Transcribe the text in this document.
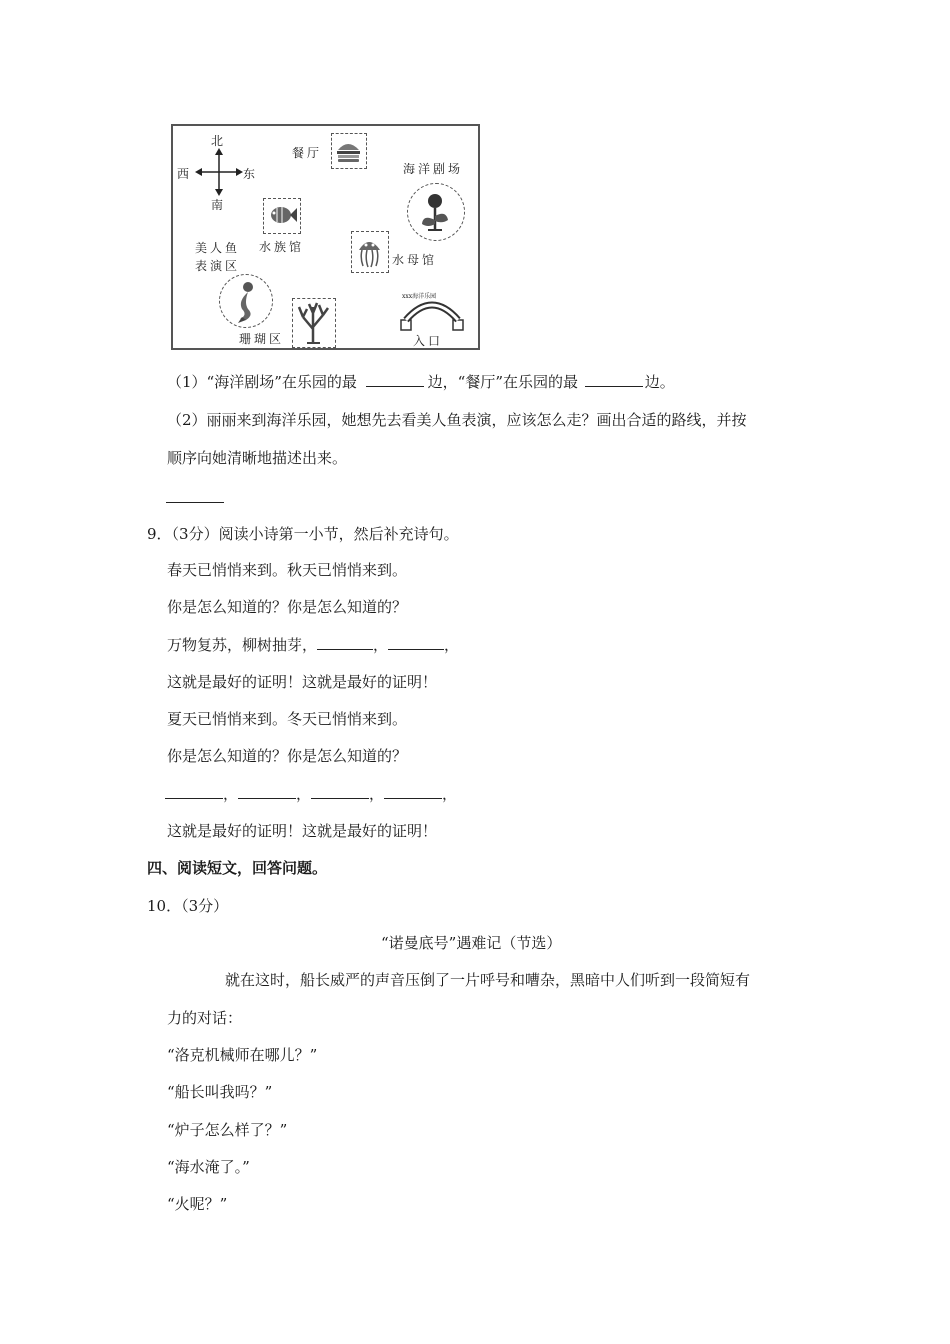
北
南
西	东
餐厅
海洋剧场
水族馆
水母馆
美人鱼
表演区
珊瑚区
xxx海洋乐园
入口
（1）“海洋剧场”在乐园的最	边，“餐厅”在乐园的最	边。
（2）丽丽来到海洋乐园，她想先去看美人鱼表演，应该怎么走？画出合适的路线，并按
顺序向她清晰地描述出来。
9．（3分）阅读小诗第一小节，然后补充诗句。
春天已悄悄来到。秋天已悄悄来到。
你是怎么知道的？你是怎么知道的？
万物复苏，柳树抽芽，	，	，
这就是最好的证明！这就是最好的证明！
夏天已悄悄来到。冬天已悄悄来到。
你是怎么知道的？你是怎么知道的？
，	，	，	，
这就是最好的证明！这就是最好的证明！
四、阅读短文，回答问题。
10．（3分）
“诺曼底号”遇难记（节选）
就在这时，船长威严的声音压倒了一片呼号和嘈杂，黑暗中人们听到一段简短有
力的对话：
“洛克机械师在哪儿？”
“船长叫我吗？”
“炉子怎么样了？”
“海水淹了。”
“火呢？”
